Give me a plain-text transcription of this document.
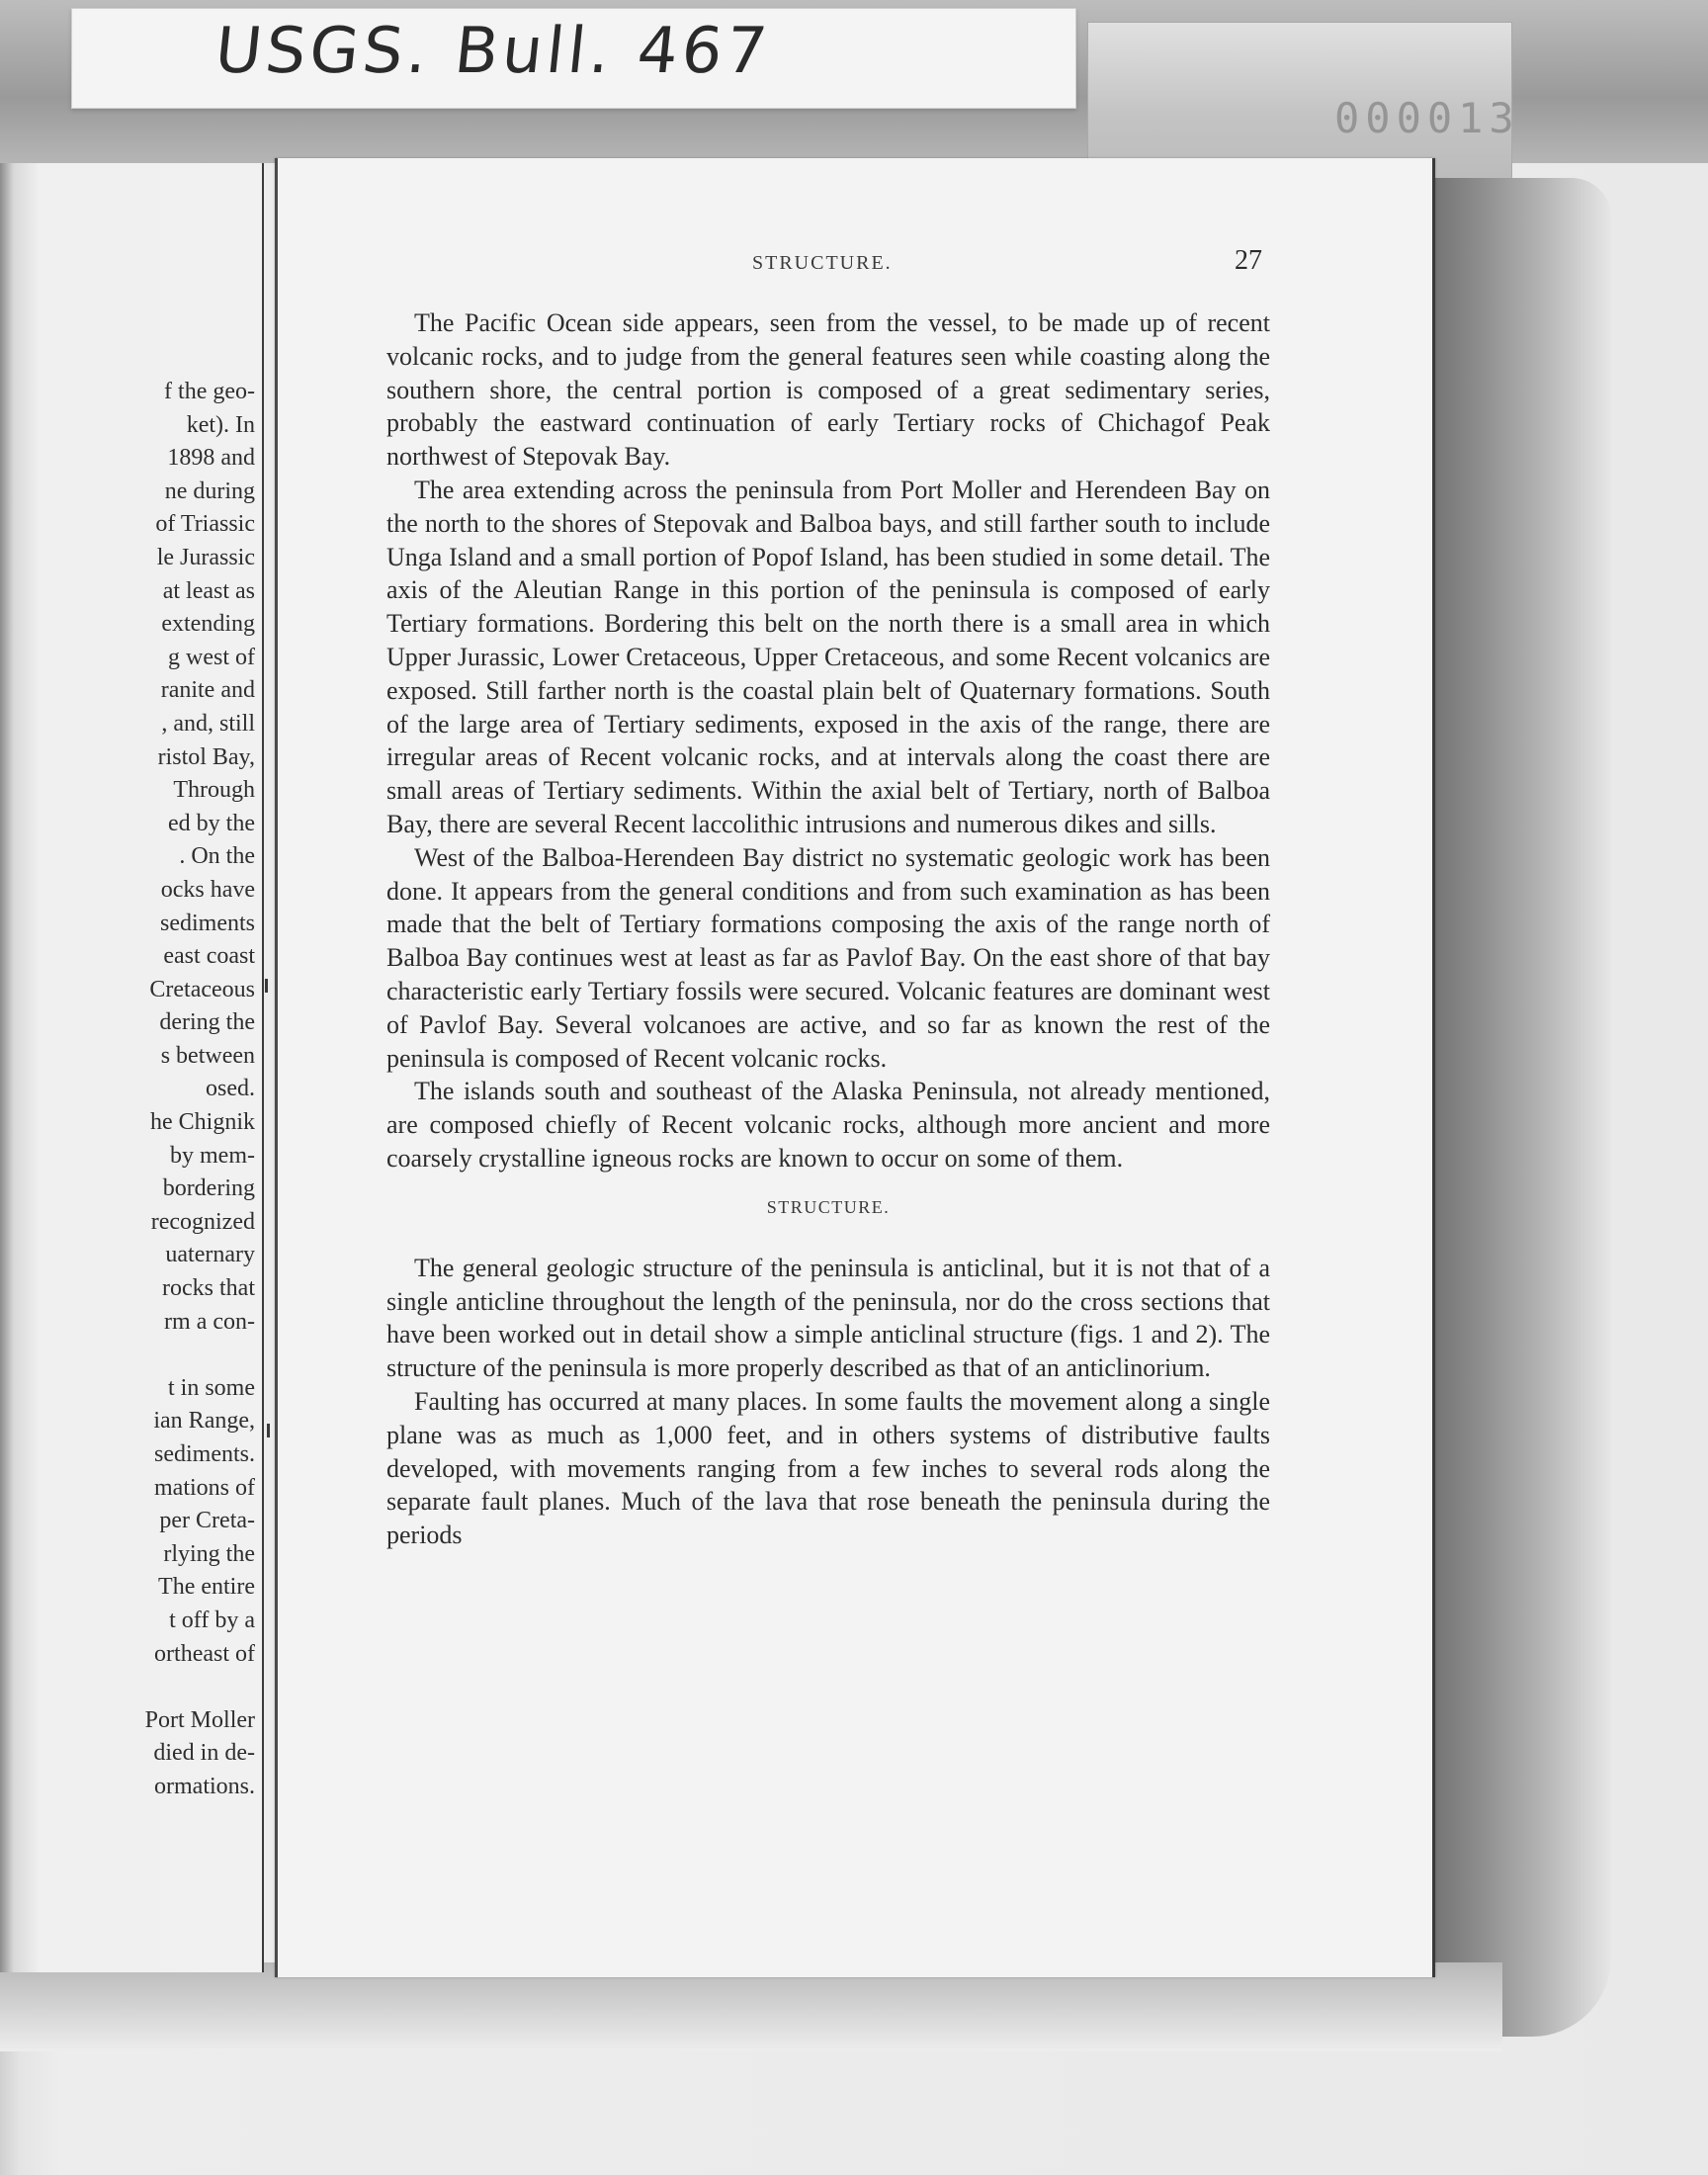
USGS. Bull. 467
000013
f the geo-
ket). In
1898 and
ne during
of Triassic
le Jurassic
at least as
extending
g west of
ranite and
, and, still
ristol Bay,
Through
ed by the
. On the
ocks have
sediments
east coast
Cretaceous
dering the
s between
osed.
he Chignik
by mem-
bordering
recognized
uaternary
rocks that
rm a con-

t in some
ian Range,
sediments.
mations of
per Creta-
rlying the
The entire
t off by a
ortheast of

Port Moller
died in de-
ormations.
STRUCTURE.	27

The Pacific Ocean side appears, seen from the vessel, to be made up of recent volcanic rocks, and to judge from the general features seen while coasting along the southern shore, the central portion is composed of a great sedimentary series, probably the eastward continuation of early Tertiary rocks of Chichagof Peak northwest of Stepovak Bay.

The area extending across the peninsula from Port Moller and Herendeen Bay on the north to the shores of Stepovak and Balboa bays, and still farther south to include Unga Island and a small portion of Popof Island, has been studied in some detail. The axis of the Aleutian Range in this portion of the peninsula is composed of early Tertiary formations. Bordering this belt on the north there is a small area in which Upper Jurassic, Lower Cretaceous, Upper Cretaceous, and some Recent volcanics are exposed. Still farther north is the coastal plain belt of Quaternary formations. South of the large area of Tertiary sediments, exposed in the axis of the range, there are irregular areas of Recent volcanic rocks, and at intervals along the coast there are small areas of Tertiary sediments. Within the axial belt of Tertiary, north of Balboa Bay, there are several Recent laccolithic intrusions and numerous dikes and sills.

West of the Balboa-Herendeen Bay district no systematic geologic work has been done. It appears from the general conditions and from such examination as has been made that the belt of Tertiary formations composing the axis of the range north of Balboa Bay continues west at least as far as Pavlof Bay. On the east shore of that bay characteristic early Tertiary fossils were secured. Volcanic features are dominant west of Pavlof Bay. Several volcanoes are active, and so far as known the rest of the peninsula is composed of Recent volcanic rocks.

The islands south and southeast of the Alaska Peninsula, not already mentioned, are composed chiefly of Recent volcanic rocks, although more ancient and more coarsely crystalline igneous rocks are known to occur on some of them.

STRUCTURE.

The general geologic structure of the peninsula is anticlinal, but it is not that of a single anticline throughout the length of the peninsula, nor do the cross sections that have been worked out in detail show a simple anticlinal structure (figs. 1 and 2). The structure of the peninsula is more properly described as that of an anticlinorium.

Faulting has occurred at many places. In some faults the movement along a single plane was as much as 1,000 feet, and in others systems of distributive faults developed, with movements ranging from a few inches to several rods along the separate fault planes. Much of the lava that rose beneath the peninsula during the periods
